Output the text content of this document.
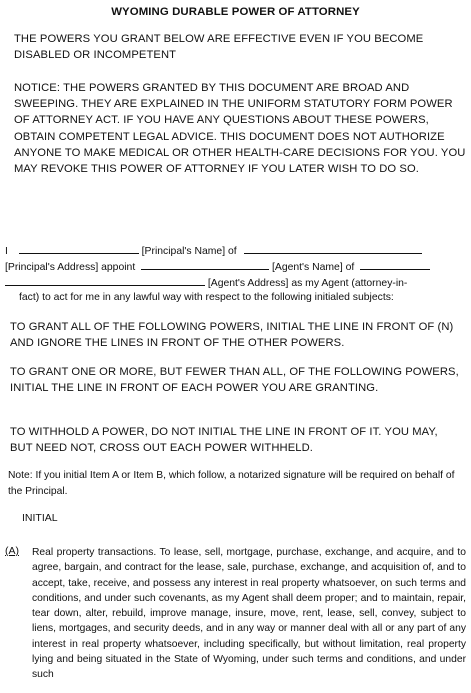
WYOMING DURABLE POWER OF ATTORNEY
THE POWERS YOU GRANT BELOW ARE EFFECTIVE EVEN IF YOU BECOME DISABLED OR INCOMPETENT
NOTICE: THE POWERS GRANTED BY THIS DOCUMENT ARE BROAD AND SWEEPING. THEY ARE EXPLAINED IN THE UNIFORM STATUTORY FORM POWER OF ATTORNEY ACT. IF YOU HAVE ANY QUESTIONS ABOUT THESE POWERS, OBTAIN COMPETENT LEGAL ADVICE. THIS DOCUMENT DOES NOT AUTHORIZE ANYONE TO MAKE MEDICAL OR OTHER HEALTH-CARE DECISIONS FOR YOU. YOU MAY REVOKE THIS POWER OF ATTORNEY IF YOU LATER WISH TO DO SO.
I	[Principal's Name] of
[Principal's Address] appoint	[Agent's Name] of
[Agent's Address] as my Agent (attorney-in-
fact) to act for me in any lawful way with respect to the following initialed subjects:
TO GRANT ALL OF THE FOLLOWING POWERS, INITIAL THE LINE IN FRONT OF (N) AND IGNORE THE LINES IN FRONT OF THE OTHER POWERS.
TO GRANT ONE OR MORE, BUT FEWER THAN ALL, OF THE FOLLOWING POWERS, INITIAL THE LINE IN FRONT OF EACH POWER YOU ARE GRANTING.
TO WITHHOLD A POWER, DO NOT INITIAL THE LINE IN FRONT OF IT. YOU MAY, BUT NEED NOT, CROSS OUT EACH POWER WITHHELD.
Note: If you initial Item A or Item B, which follow, a notarized signature will be required on behalf of the Principal.
INITIAL
(A) Real property transactions. To lease, sell, mortgage, purchase, exchange, and acquire, and to agree, bargain, and contract for the lease, sale, purchase, exchange, and acquisition of, and to accept, take, receive, and possess any interest in real property whatsoever, on such terms and conditions, and under such covenants, as my Agent shall deem proper; and to maintain, repair, tear down, alter, rebuild, improve manage, insure, move, rent, lease, sell, convey, subject to liens, mortgages, and security deeds, and in any way or manner deal with all or any part of any interest in real property whatsoever, including specifically, but without limitation, real property lying and being situated in the State of Wyoming, under such terms and conditions, and under such
